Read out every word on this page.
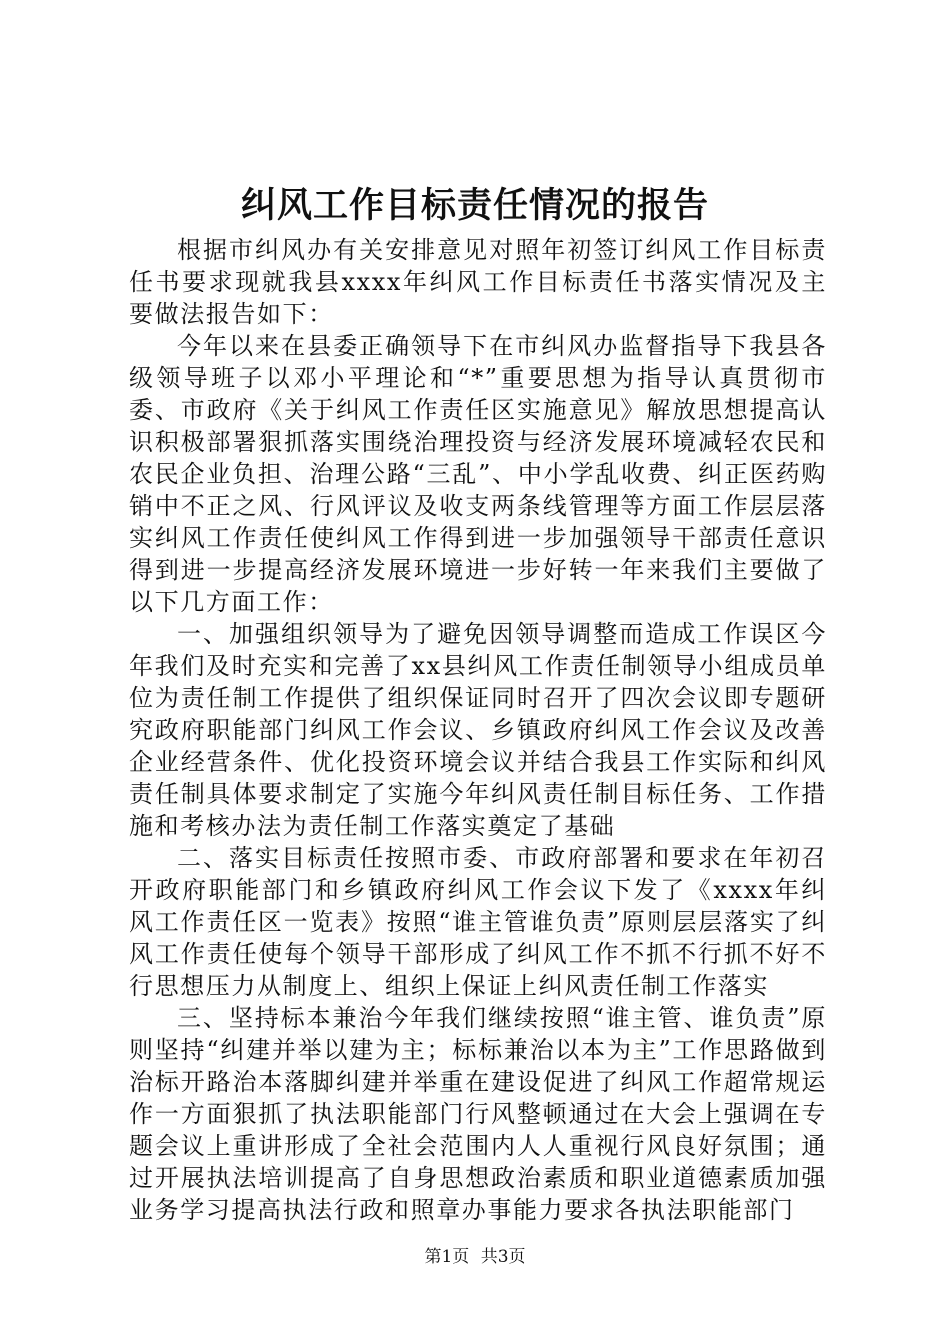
纠风工作目标责任情况的报告

根据市纠风办有关安排意见对照年初签订纠风工作目标责任书要求现就我县xxxx年纠风工作目标责任书落实情况及主要做法报告如下：

今年以来在县委正确领导下在市纠风办监督指导下我县各级领导班子以邓小平理论和“*”重要思想为指导认真贯彻市委、市政府《关于纠风工作责任区实施意见》解放思想提高认识积极部署狠抓落实围绕治理投资与经济发展环境减轻农民和农民企业负担、治理公路“三乱”、中小学乱收费、纠正医药购销中不正之风、行风评议及收支两条线管理等方面工作层层落实纠风工作责任使纠风工作得到进一步加强领导干部责任意识得到进一步提高经济发展环境进一步好转一年来我们主要做了以下几方面工作：

一、加强组织领导为了避免因领导调整而造成工作误区今年我们及时充实和完善了xx县纠风工作责任制领导小组成员单位为责任制工作提供了组织保证同时召开了四次会议即专题研究政府职能部门纠风工作会议、乡镇政府纠风工作会议及改善企业经营条件、优化投资环境会议并结合我县工作实际和纠风责任制具体要求制定了实施今年纠风责任制目标任务、工作措施和考核办法为责任制工作落实奠定了基础

二、落实目标责任按照市委、市政府部署和要求在年初召开政府职能部门和乡镇政府纠风工作会议下发了《xxxx年纠风工作责任区一览表》按照“谁主管谁负责”原则层层落实了纠风工作责任使每个领导干部形成了纠风工作不抓不行抓不好不行思想压力从制度上、组织上保证上纠风责任制工作落实

三、坚持标本兼治今年我们继续按照“谁主管、谁负责”原则坚持“纠建并举以建为主；标标兼治以本为主”工作思路做到治标开路治本落脚纠建并举重在建设促进了纠风工作超常规运作一方面狠抓了执法职能部门行风整顿通过在大会上强调在专题会议上重讲形成了全社会范围内人人重视行风良好氛围；通过开展执法培训提高了自身思想政治素质和职业道德素质加强业务学习提高执法行政和照章办事能力要求各执法职能部门

第1页 共3页
